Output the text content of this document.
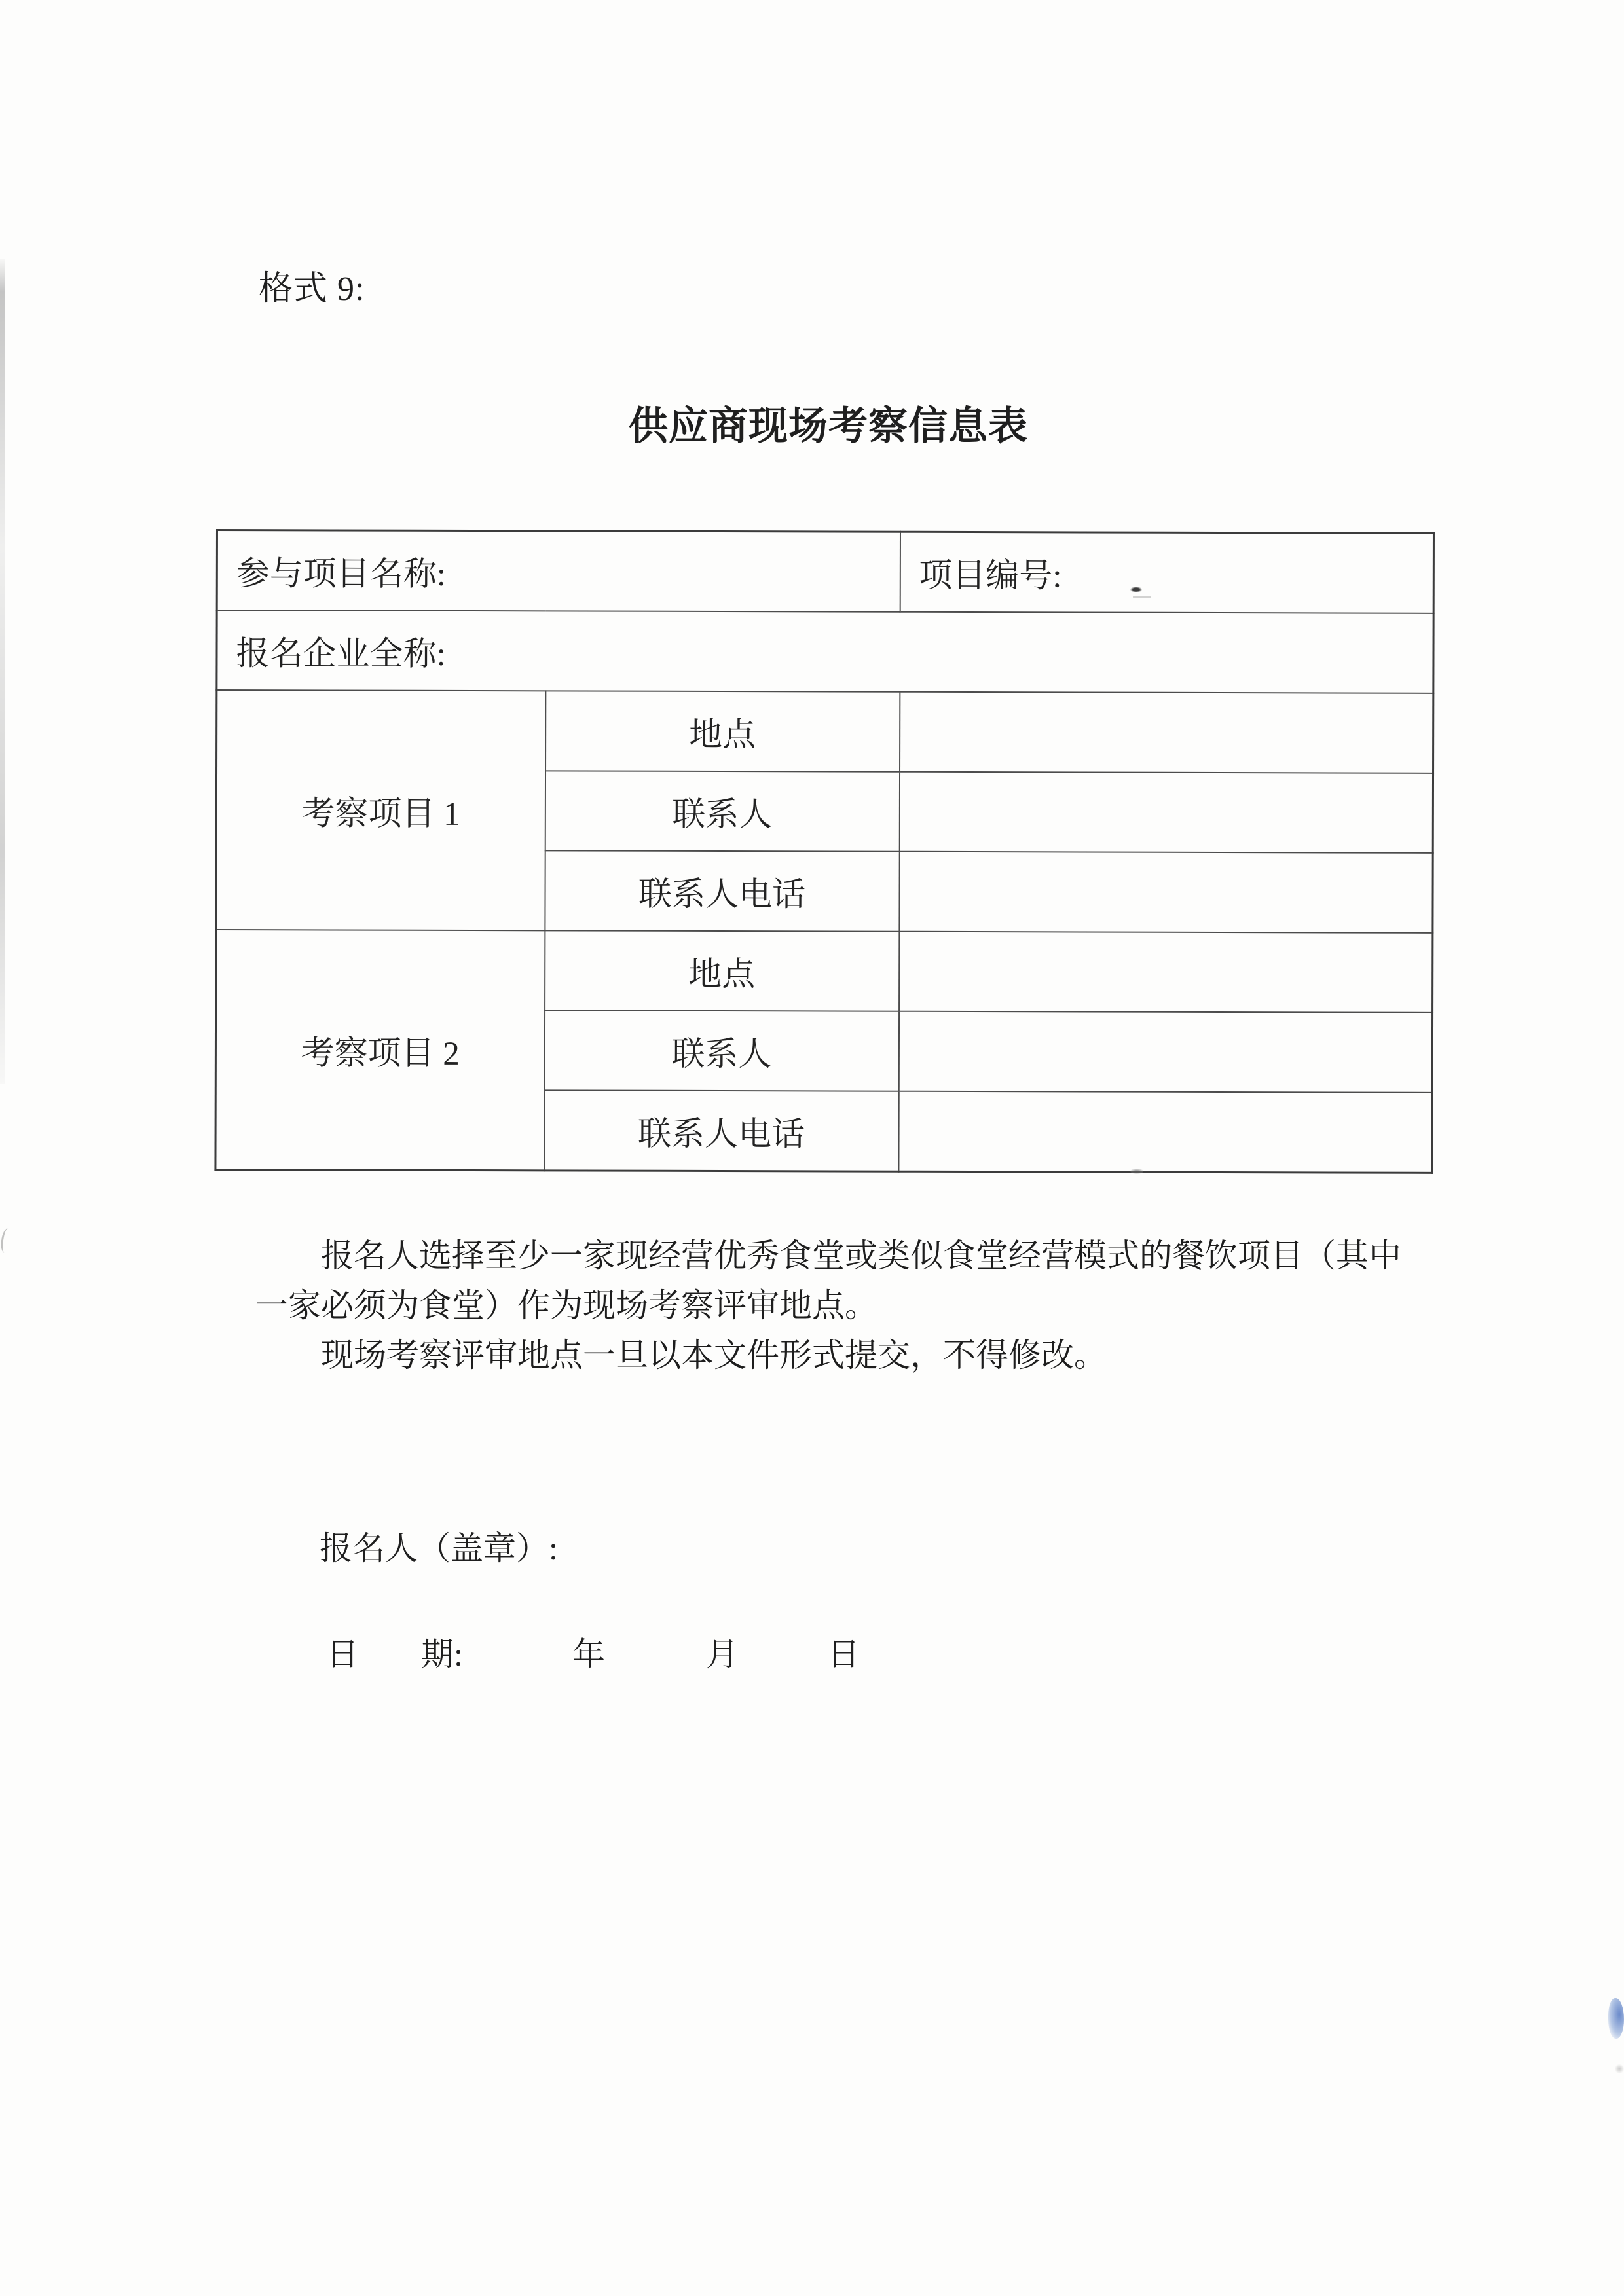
格式 9:
供应商现场考察信息表
参与项目名称:		项目编号:
报名企业全称:		
考察项目 1	地点	
	联系人	
	联系人电话	
考察项目 2	地点	
	联系人	
	联系人电话	
报名人选择至少一家现经营优秀食堂或类似食堂经营模式的餐饮项目（其中
一家必须为食堂）作为现场考察评审地点。
现场考察评审地点一旦以本文件形式提交，不得修改。
报名人（盖章）:
日 期:	年	月	日
